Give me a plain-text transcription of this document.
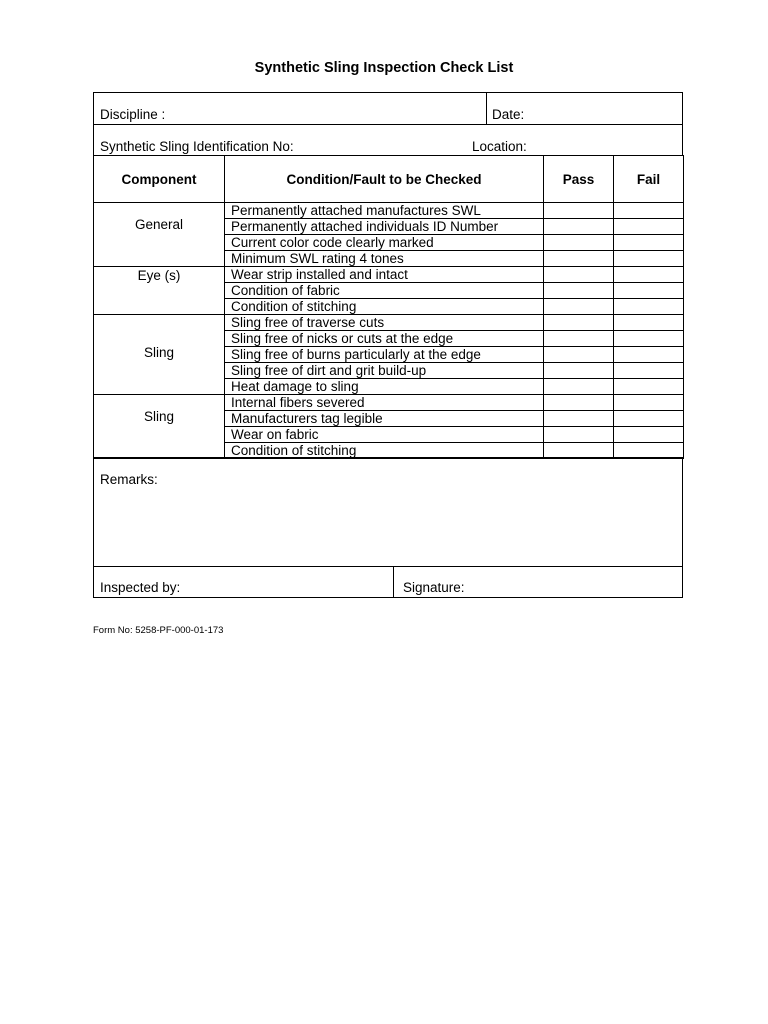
Synthetic Sling Inspection Check List
Discipline :	Date:
Synthetic Sling Identification No:	Location:
Component	Condition/Fault to be Checked	Pass	Fail

General	Permanently attached manufactures SWL		
	Permanently attached individuals ID Number		
	Current color code clearly marked		
	Minimum SWL rating 4 tones		

Eye (s)	Wear strip installed and intact		
	Condition of fabric		
	Condition of stitching		

Sling	Sling free of traverse cuts		
	Sling free of nicks or cuts at the edge		
	Sling free of burns particularly at the edge		
	Sling free of dirt and grit build-up		
	Heat damage to sling		

Sling	Internal fibers severed		
	Manufacturers tag legible		
	Wear on fabric		
	Condition of stitching		
Remarks:
Inspected by:	Signature:
Form No: 5258-PF-000-01-173
